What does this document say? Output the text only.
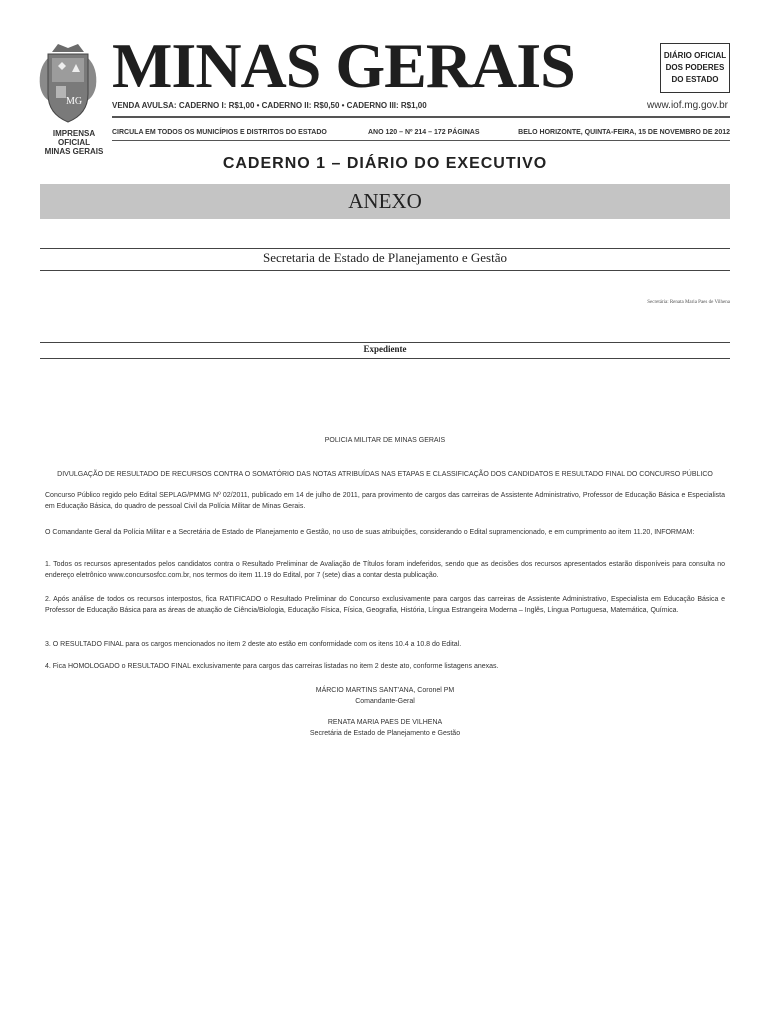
MG
IMPRENSA OFICIAL
MINAS GERAIS
MINAS GERAIS	DIÁRIO OFICIAL
DOS PODERES
DO ESTADO
VENDA AVULSA: CADERNO I: R$1,00 • CADERNO II: R$0,50 • CADERNO III: R$1,00	www.iof.mg.gov.br
CIRCULA EM TODOS OS MUNICÍPIOS E DISTRITOS DO ESTADO	ANO 120 – Nº 214 – 172 PÁGINAS	BELO HORIZONTE, QUINTA-FEIRA, 15 DE NOVEMBRO DE 2012
CADERNO 1 – DIÁRIO DO EXECUTIVO
ANEXO
Secretaria de Estado de Planejamento e Gestão
Secretária: Renata Maria Paes de Vilhena
Expediente
POLICIA MILITAR DE MINAS GERAIS
DIVULGAÇÃO DE RESULTADO DE RECURSOS CONTRA O SOMATÓRIO DAS NOTAS ATRIBUÍDAS NAS ETAPAS E CLASSIFICAÇÃO DOS CANDIDATOS E RESULTADO FINAL DO CONCURSO PÚBLICO
Concurso Público regido pelo Edital SEPLAG/PMMG Nº 02/2011, publicado em 14 de julho de 2011, para provimento de cargos das carreiras de Assistente Administrativo, Professor de Educação Básica e Especialista em Educação Básica, do quadro de pessoal Civil da Polícia Militar de Minas Gerais.
O Comandante Geral da Polícia Militar e a Secretária de Estado de Planejamento e Gestão, no uso de suas atribuições, considerando o Edital supramencionado, e em cumprimento ao item 11.20, INFORMAM:
1. Todos os recursos apresentados pelos candidatos contra o Resultado Preliminar de Avaliação de Títulos foram indeferidos, sendo que as decisões dos recursos apresentados estarão disponíveis para consulta no endereço eletrônico www.concursosfcc.com.br, nos termos do item 11.19 do Edital, por 7 (sete) dias a contar desta publicação.
2. Após análise de todos os recursos interpostos, fica RATIFICADO o Resultado Preliminar do Concurso exclusivamente para cargos das carreiras de Assistente Administrativo, Especialista em Educação Básica e Professor de Educação Básica para as áreas de atuação de Ciência/Biologia, Educação Física, Física, Geografia, História, Língua Estrangeira Moderna – Inglês, Língua Portuguesa, Matemática, Química.
3. O RESULTADO FINAL para os cargos mencionados no item 2 deste ato estão em conformidade com os itens 10.4 a 10.8 do Edital.
4. Fica HOMOLOGADO o RESULTADO FINAL exclusivamente para cargos das carreiras listadas no item 2 deste ato, conforme listagens anexas.
MÁRCIO MARTINS SANT'ANA, Coronel PM
Comandante-Geral
RENATA MARIA PAES DE VILHENA
Secretária de Estado de Planejamento e Gestão
